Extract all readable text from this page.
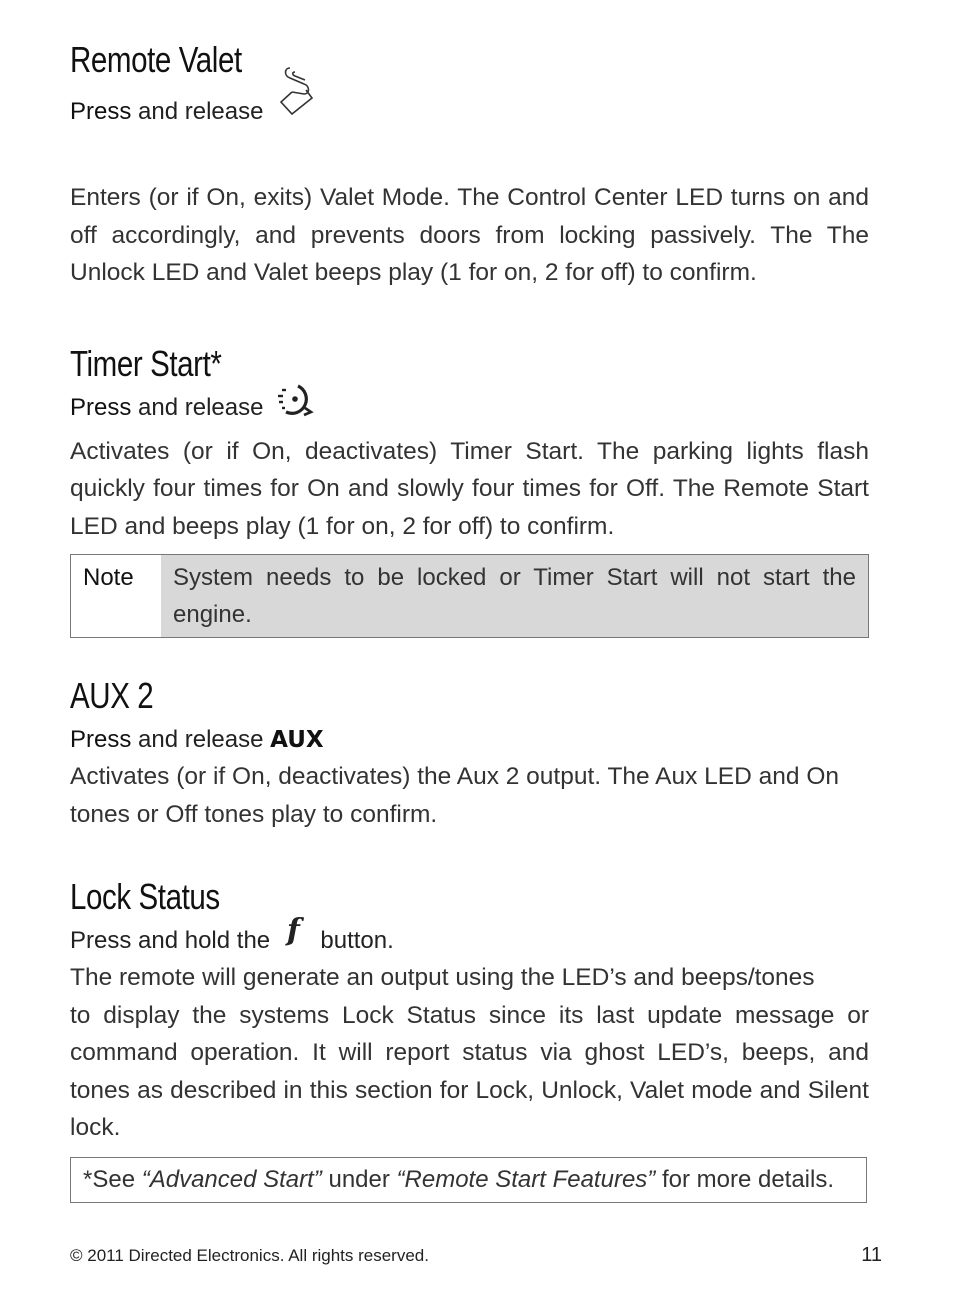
Remote Valet

Press and release

Enters (or if On, exits) Valet Mode. The Control Center LED turns on and off accordingly, and prevents doors from locking passively. The The Unlock LED and Valet beeps play (1 for on, 2 for off) to confirm.

Timer Start*

Press and release

Activates (or if On, deactivates) Timer Start. The parking lights flash quickly four times for On and slowly four times for Off. The Remote Start LED and beeps play (1 for on, 2 for off) to confirm.

Note	System needs to be locked or Timer Start will not start the engine.
AUX 2

Press and release AUX

Activates (or if On, deactivates) the Aux 2 output. The Aux LED and On tones or Off tones play to confirm.

Lock Status

Press and hold the f button.

The remote will generate an output using the LED’s and beeps/tones

to display the systems Lock Status since its last update message or command operation. It will report status via ghost LED’s, beeps, and tones as described in this section for Lock, Unlock, Valet mode and Silent lock.

*See “Advanced Start” under “Remote Start Features” for more details.
© 2011 Directed Electronics. All rights reserved.	11
